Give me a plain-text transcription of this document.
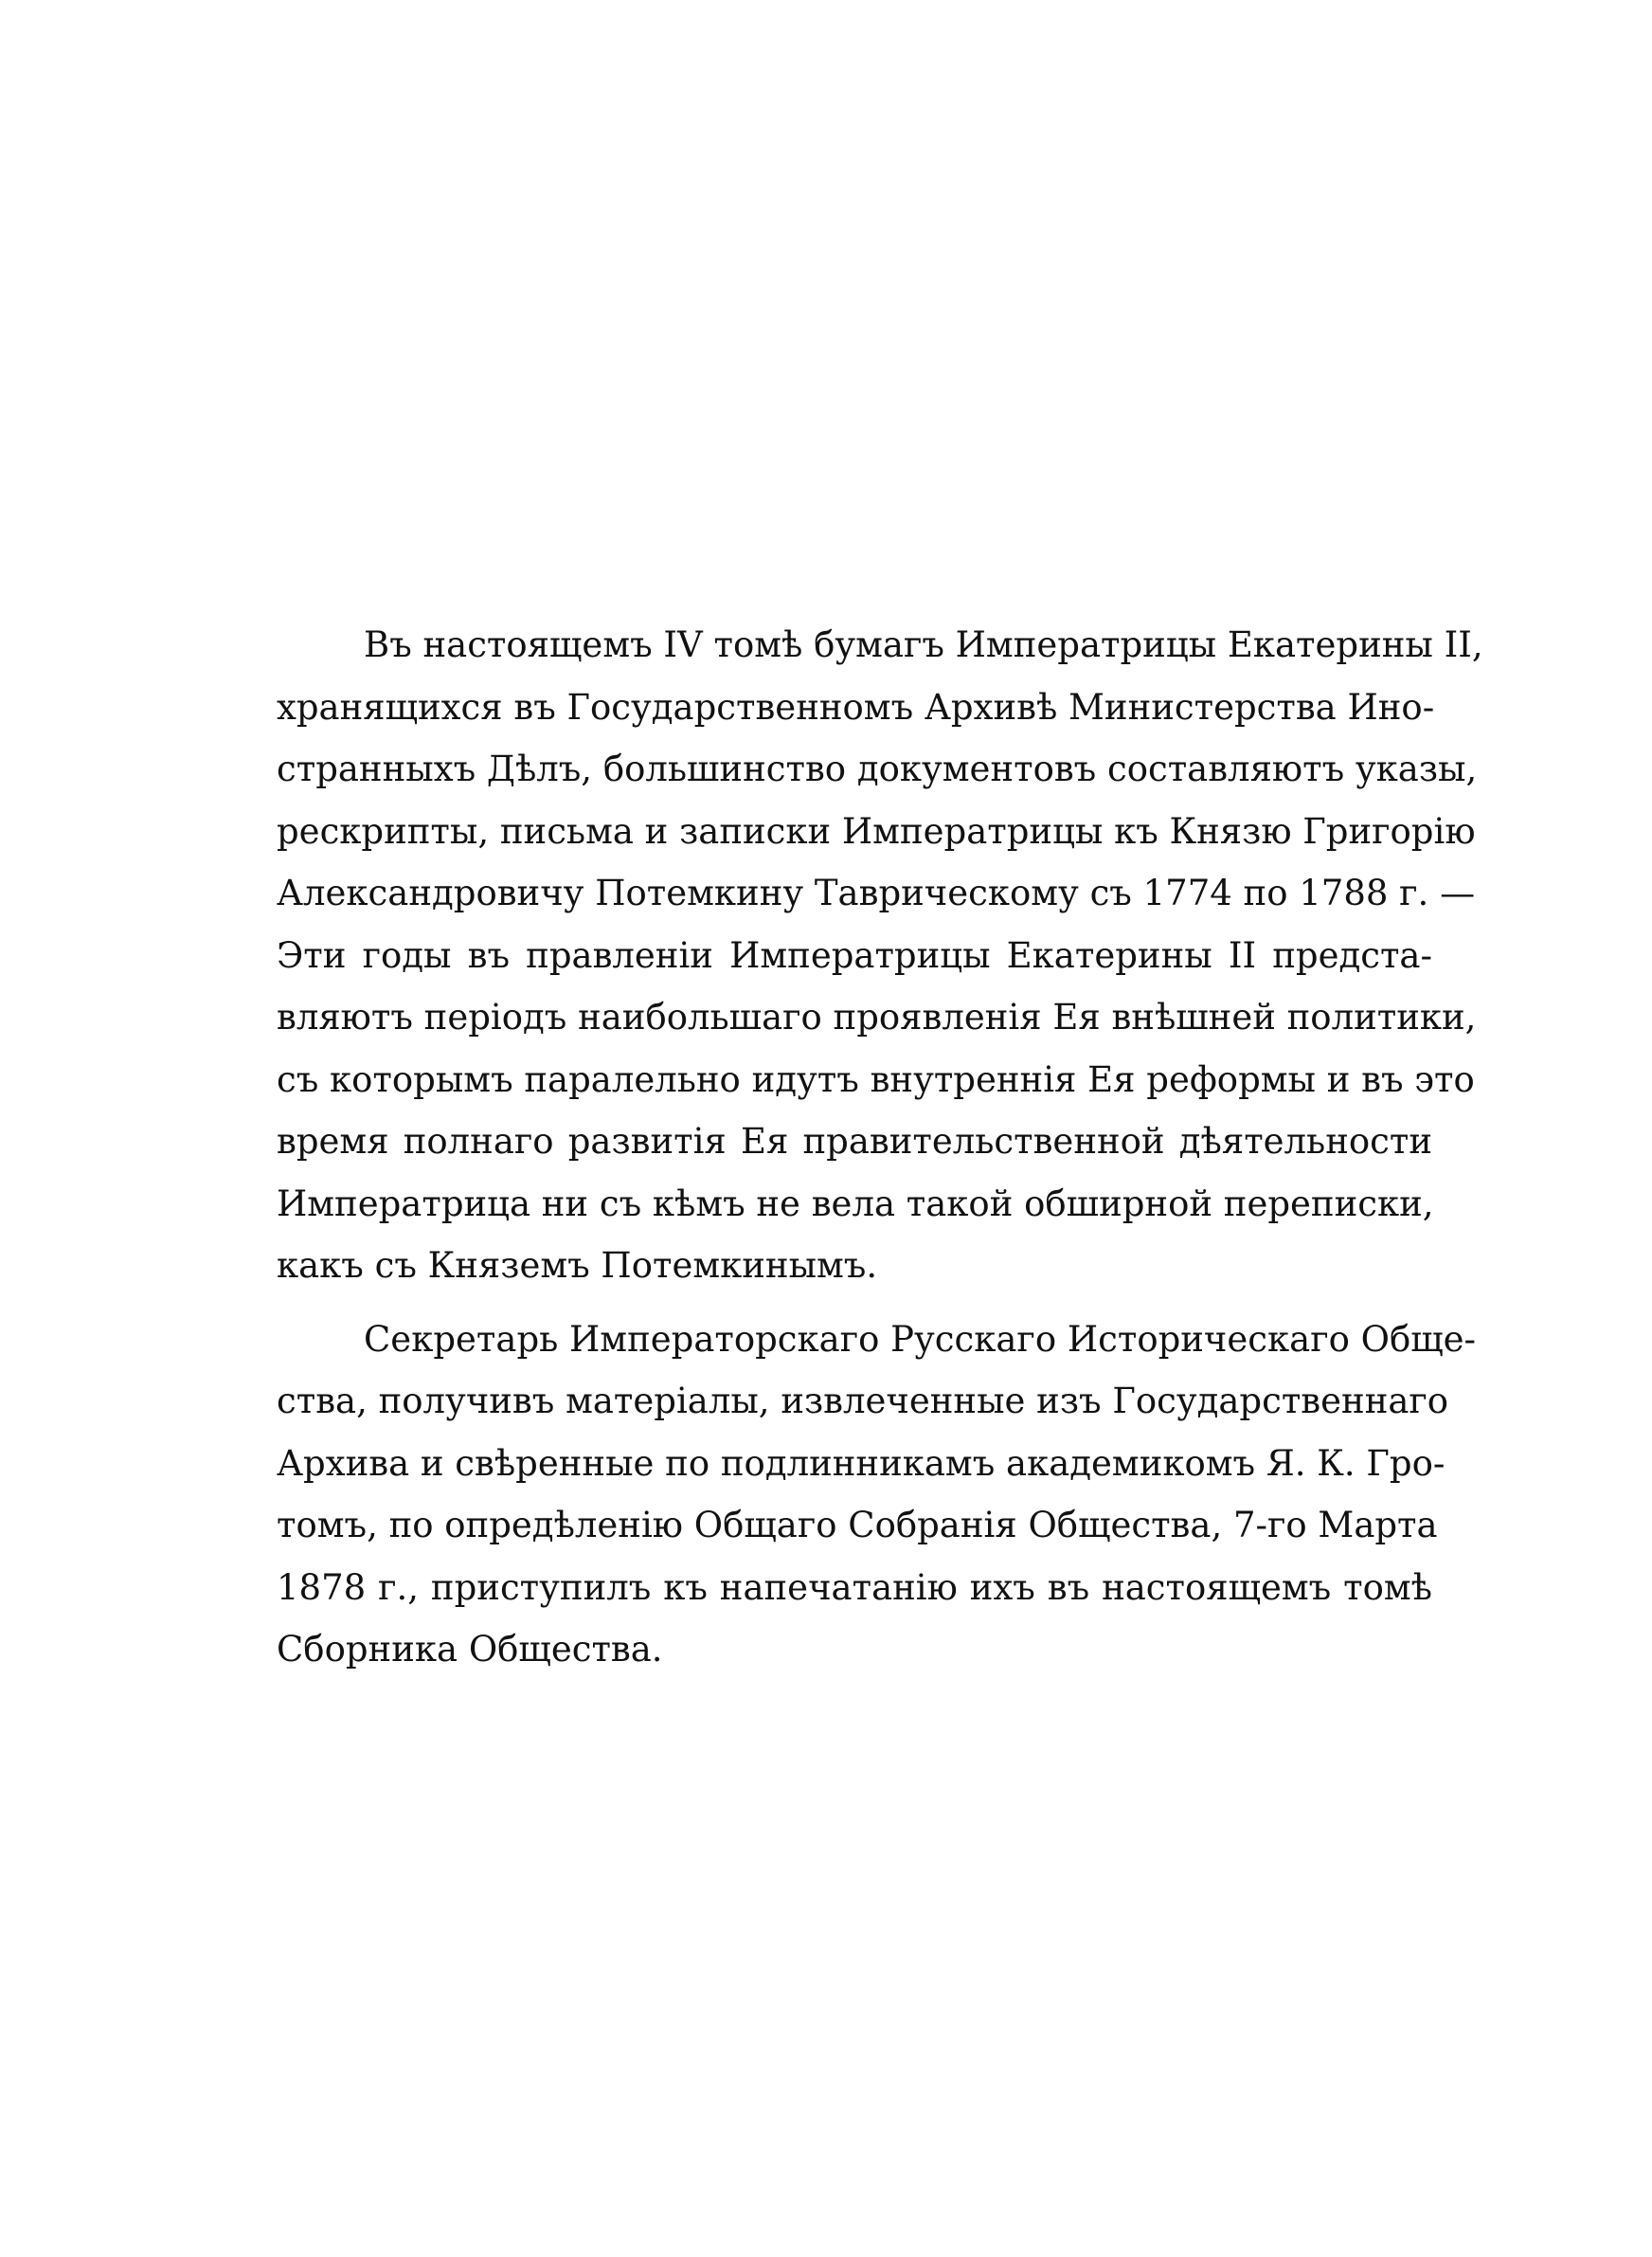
Въ настоящемъ IV томѣ бумагъ Императрицы Екатерины II,
хранящихся въ Государственномъ Архивѣ Министерства Ино-
странныхъ Дѣлъ, большинство документовъ составляютъ указы,
рескрипты, письма и записки Императрицы къ Князю Григорію
Александровичу Потемкину Таврическому съ 1774 по 1788 г. —
Эти годы въ правленіи Императрицы Екатерины II предста-
вляютъ періодъ наибольшаго проявленія Ея внѣшней политики,
съ которымъ паралельно идутъ внутреннія Ея реформы и въ это
время полнаго развитія Ея правительственной дѣятельности
Императрица ни съ кѣмъ не вела такой обширной переписки,
какъ съ Княземъ Потемкинымъ.
Секретарь Императорскаго Русскаго Историческаго Обще-
ства, получивъ матеріалы, извлеченные изъ Государственнаго
Архива и свѣренные по подлинникамъ академикомъ Я. К. Гро-
томъ, по опредѣленію Общаго Собранія Общества, 7-го Марта
1878 г., приступилъ къ напечатанію ихъ въ настоящемъ томѣ
Сборника Общества.
